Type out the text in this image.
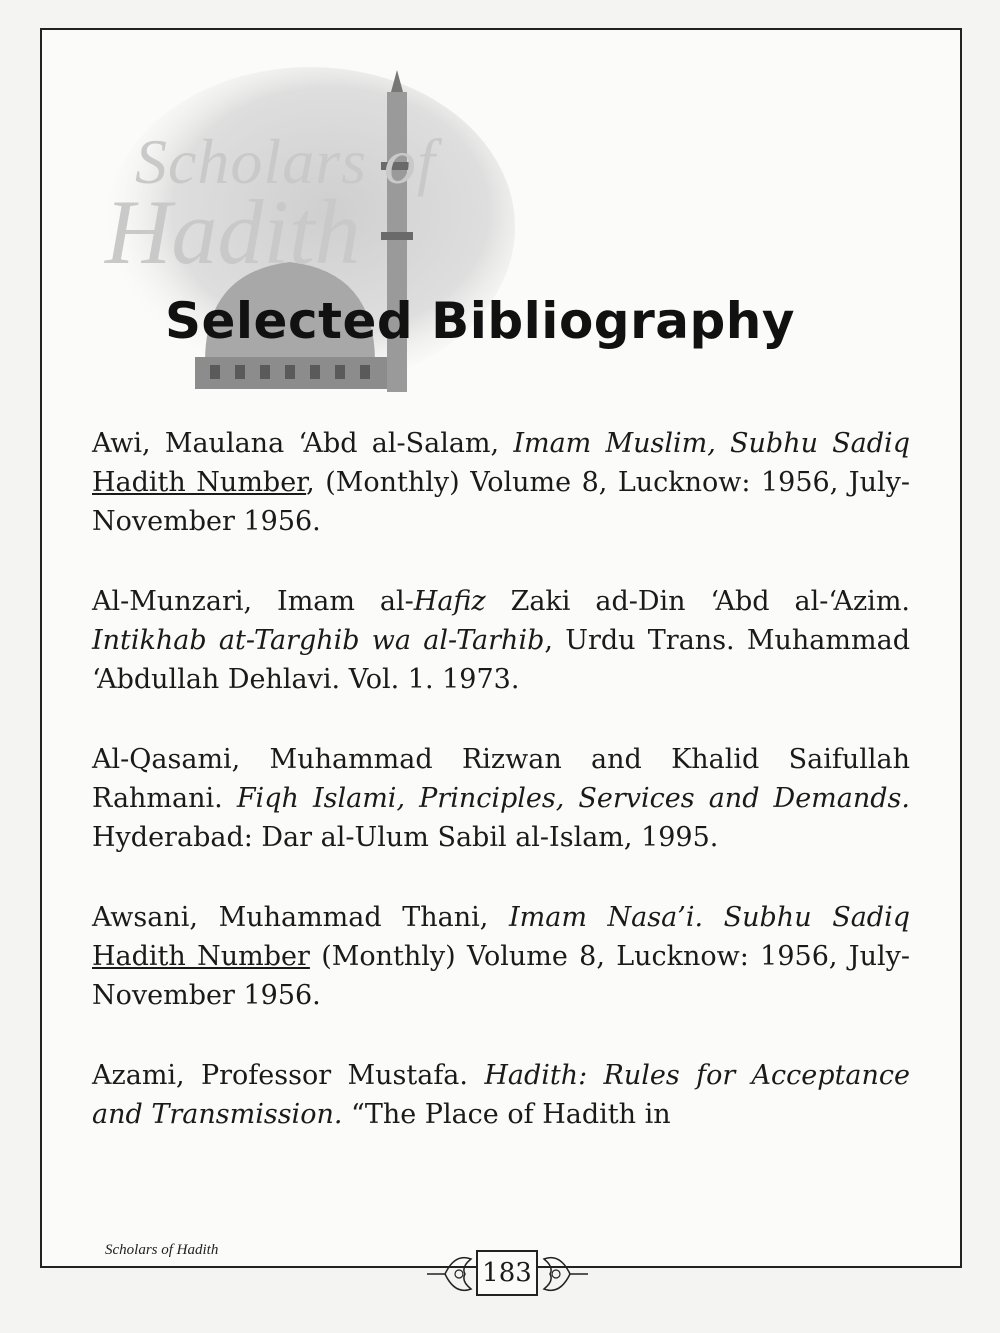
Scholars of
Hadith
Selected Bibliography

Awi, Maulana ‘Abd al-Salam, Imam Muslim, Subhu Sadiq Hadith Number, (Monthly) Volume 8, Lucknow: 1956, July-November 1956.

Al-Munzari, Imam al-Hafiz Zaki ad-Din ‘Abd al-‘Azim. Intikhab at-Targhib wa al-Tarhib, Urdu Trans. Muhammad ‘Abdullah Dehlavi. Vol. 1. 1973.

Al-Qasami, Muhammad Rizwan and Khalid Saifullah Rahmani. Fiqh Islami, Principles, Services and Demands. Hyderabad: Dar al-Ulum Sabil al-Islam, 1995.

Awsani, Muhammad Thani, Imam Nasa’i. Subhu Sadiq Hadith Number (Monthly) Volume 8, Lucknow: 1956, July-November 1956.

Azami, Professor Mustafa. Hadith: Rules for Acceptance and Transmission. “The Place of Hadith in

Scholars of Hadith
183
